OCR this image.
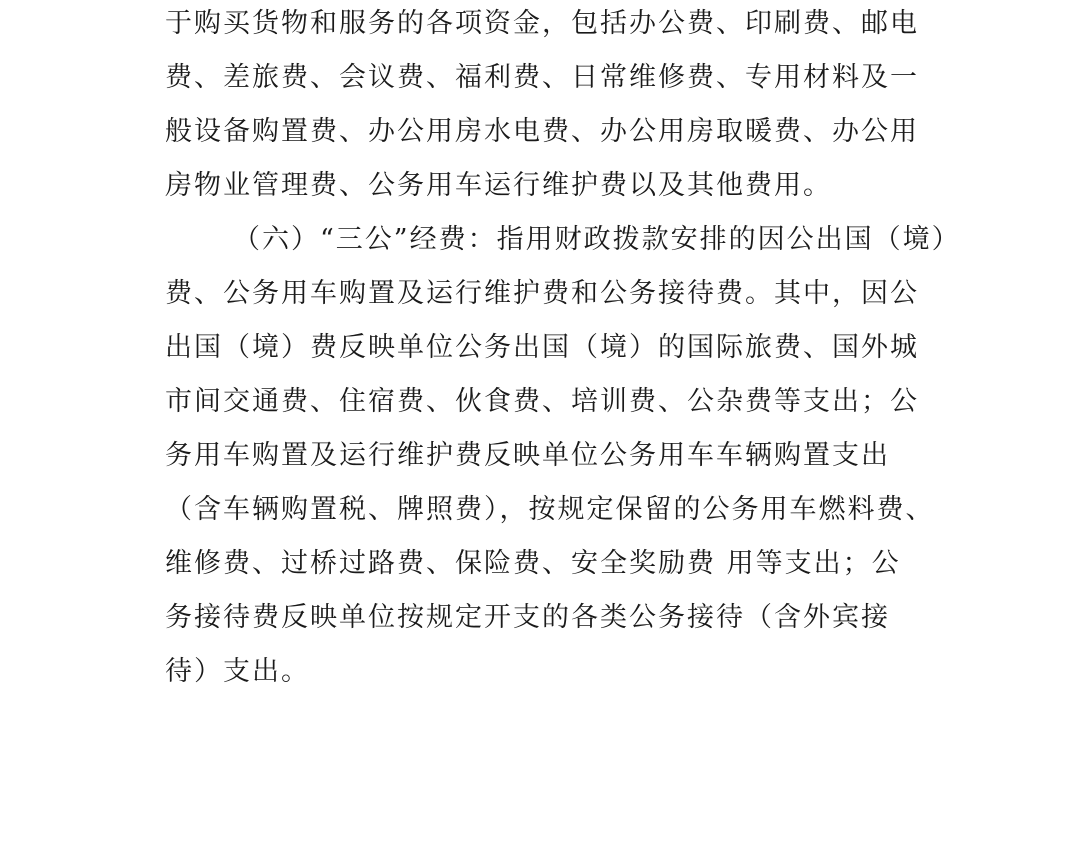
于购买货物和服务的各项资金，包括办公费、印刷费、邮电
费、差旅费、会议费、福利费、日常维修费、专用材料及一
般设备购置费、办公用房水电费、办公用房取暖费、办公用
房物业管理费、公务用车运行维护费以及其他费用。
（六）“三公”经费：指用财政拨款安排的因公出国（境）
费、公务用车购置及运行维护费和公务接待费。其中，因公
出国（境）费反映单位公务出国（境）的国际旅费、国外城
市间交通费、住宿费、伙食费、培训费、公杂费等支出；公
务用车购置及运行维护费反映单位公务用车车辆购置支出
（含车辆购置税、牌照费），按规定保留的公务用车燃料费、
维修费、过桥过路费、保险费、安全奖励费 用等支出；公
务接待费反映单位按规定开支的各类公务接待（含外宾接
待）支出。
